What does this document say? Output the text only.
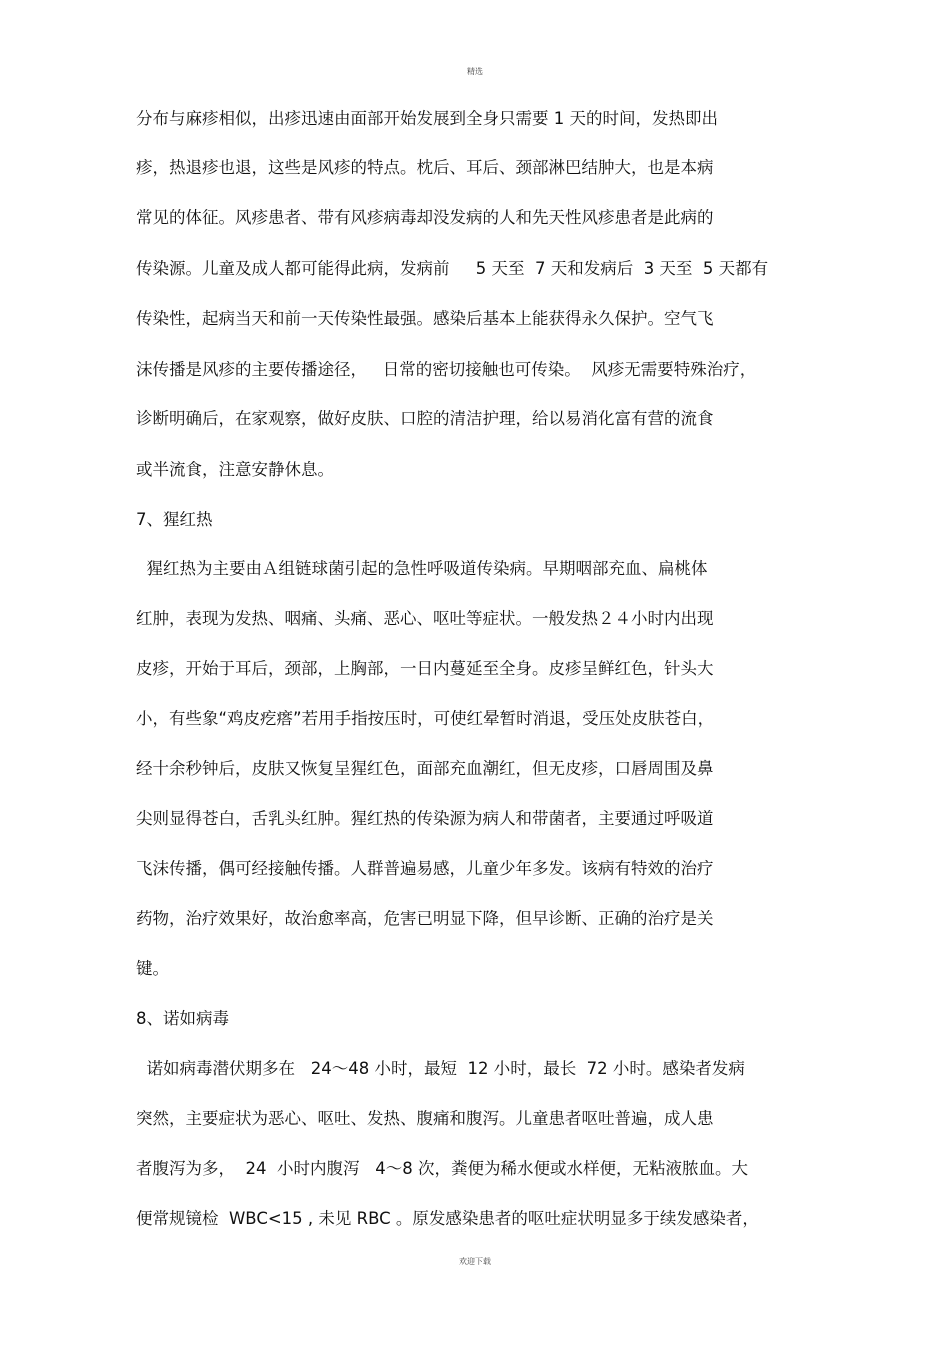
精选
分布与麻疹相似，出疹迅速由面部开始发展到全身只需要 1 天的时间，发热即出
疹，热退疹也退，这些是风疹的特点。枕后、耳后、颈部淋巴结肿大，也是本病
常见的体征。风疹患者、带有风疹病毒却没发病的人和先天性风疹患者是此病的
传染源。儿童及成人都可能得此病，发病前     5 天至  7 天和发病后  3 天至  5 天都有
传染性，起病当天和前一天传染性最强。感染后基本上能获得永久保护。空气飞
沫传播是风疹的主要传播途径，   日常的密切接触也可传染。  风疹无需要特殊治疗，
诊断明确后，在家观察，做好皮肤、口腔的清洁护理，给以易消化富有营的流食
或半流食，注意安静休息。
7、猩红热
猩红热为主要由Ａ组链球菌引起的急性呼吸道传染病。早期咽部充血、扁桃体
红肿，表现为发热、咽痛、头痛、恶心、呕吐等症状。一般发热２４小时内出现
皮疹，开始于耳后，颈部，上胸部，一日内蔓延至全身。皮疹呈鲜红色，针头大
小，有些象“鸡皮疙瘩”若用手指按压时，可使红晕暂时消退，受压处皮肤苍白，
经十余秒钟后，皮肤又恢复呈猩红色，面部充血潮红，但无皮疹，口唇周围及鼻
尖则显得苍白，舌乳头红肿。猩红热的传染源为病人和带菌者，主要通过呼吸道
飞沫传播，偶可经接触传播。人群普遍易感，儿童少年多发。该病有特效的治疗
药物，治疗效果好，故治愈率高，危害已明显下降，但早诊断、正确的治疗是关
键。
8、诺如病毒
诺如病毒潜伏期多在   24～48 小时，最短  12 小时，最长  72 小时。感染者发病
突然，主要症状为恶心、呕吐、发热、腹痛和腹泻。儿童患者呕吐普遍，成人患
者腹泻为多，  24  小时内腹泻   4～8 次，粪便为稀水便或水样便，无粘液脓血。大
便常规镜检  WBC<15 , 未见 RBC 。原发感染患者的呕吐症状明显多于续发感染者，
欢迎下载
